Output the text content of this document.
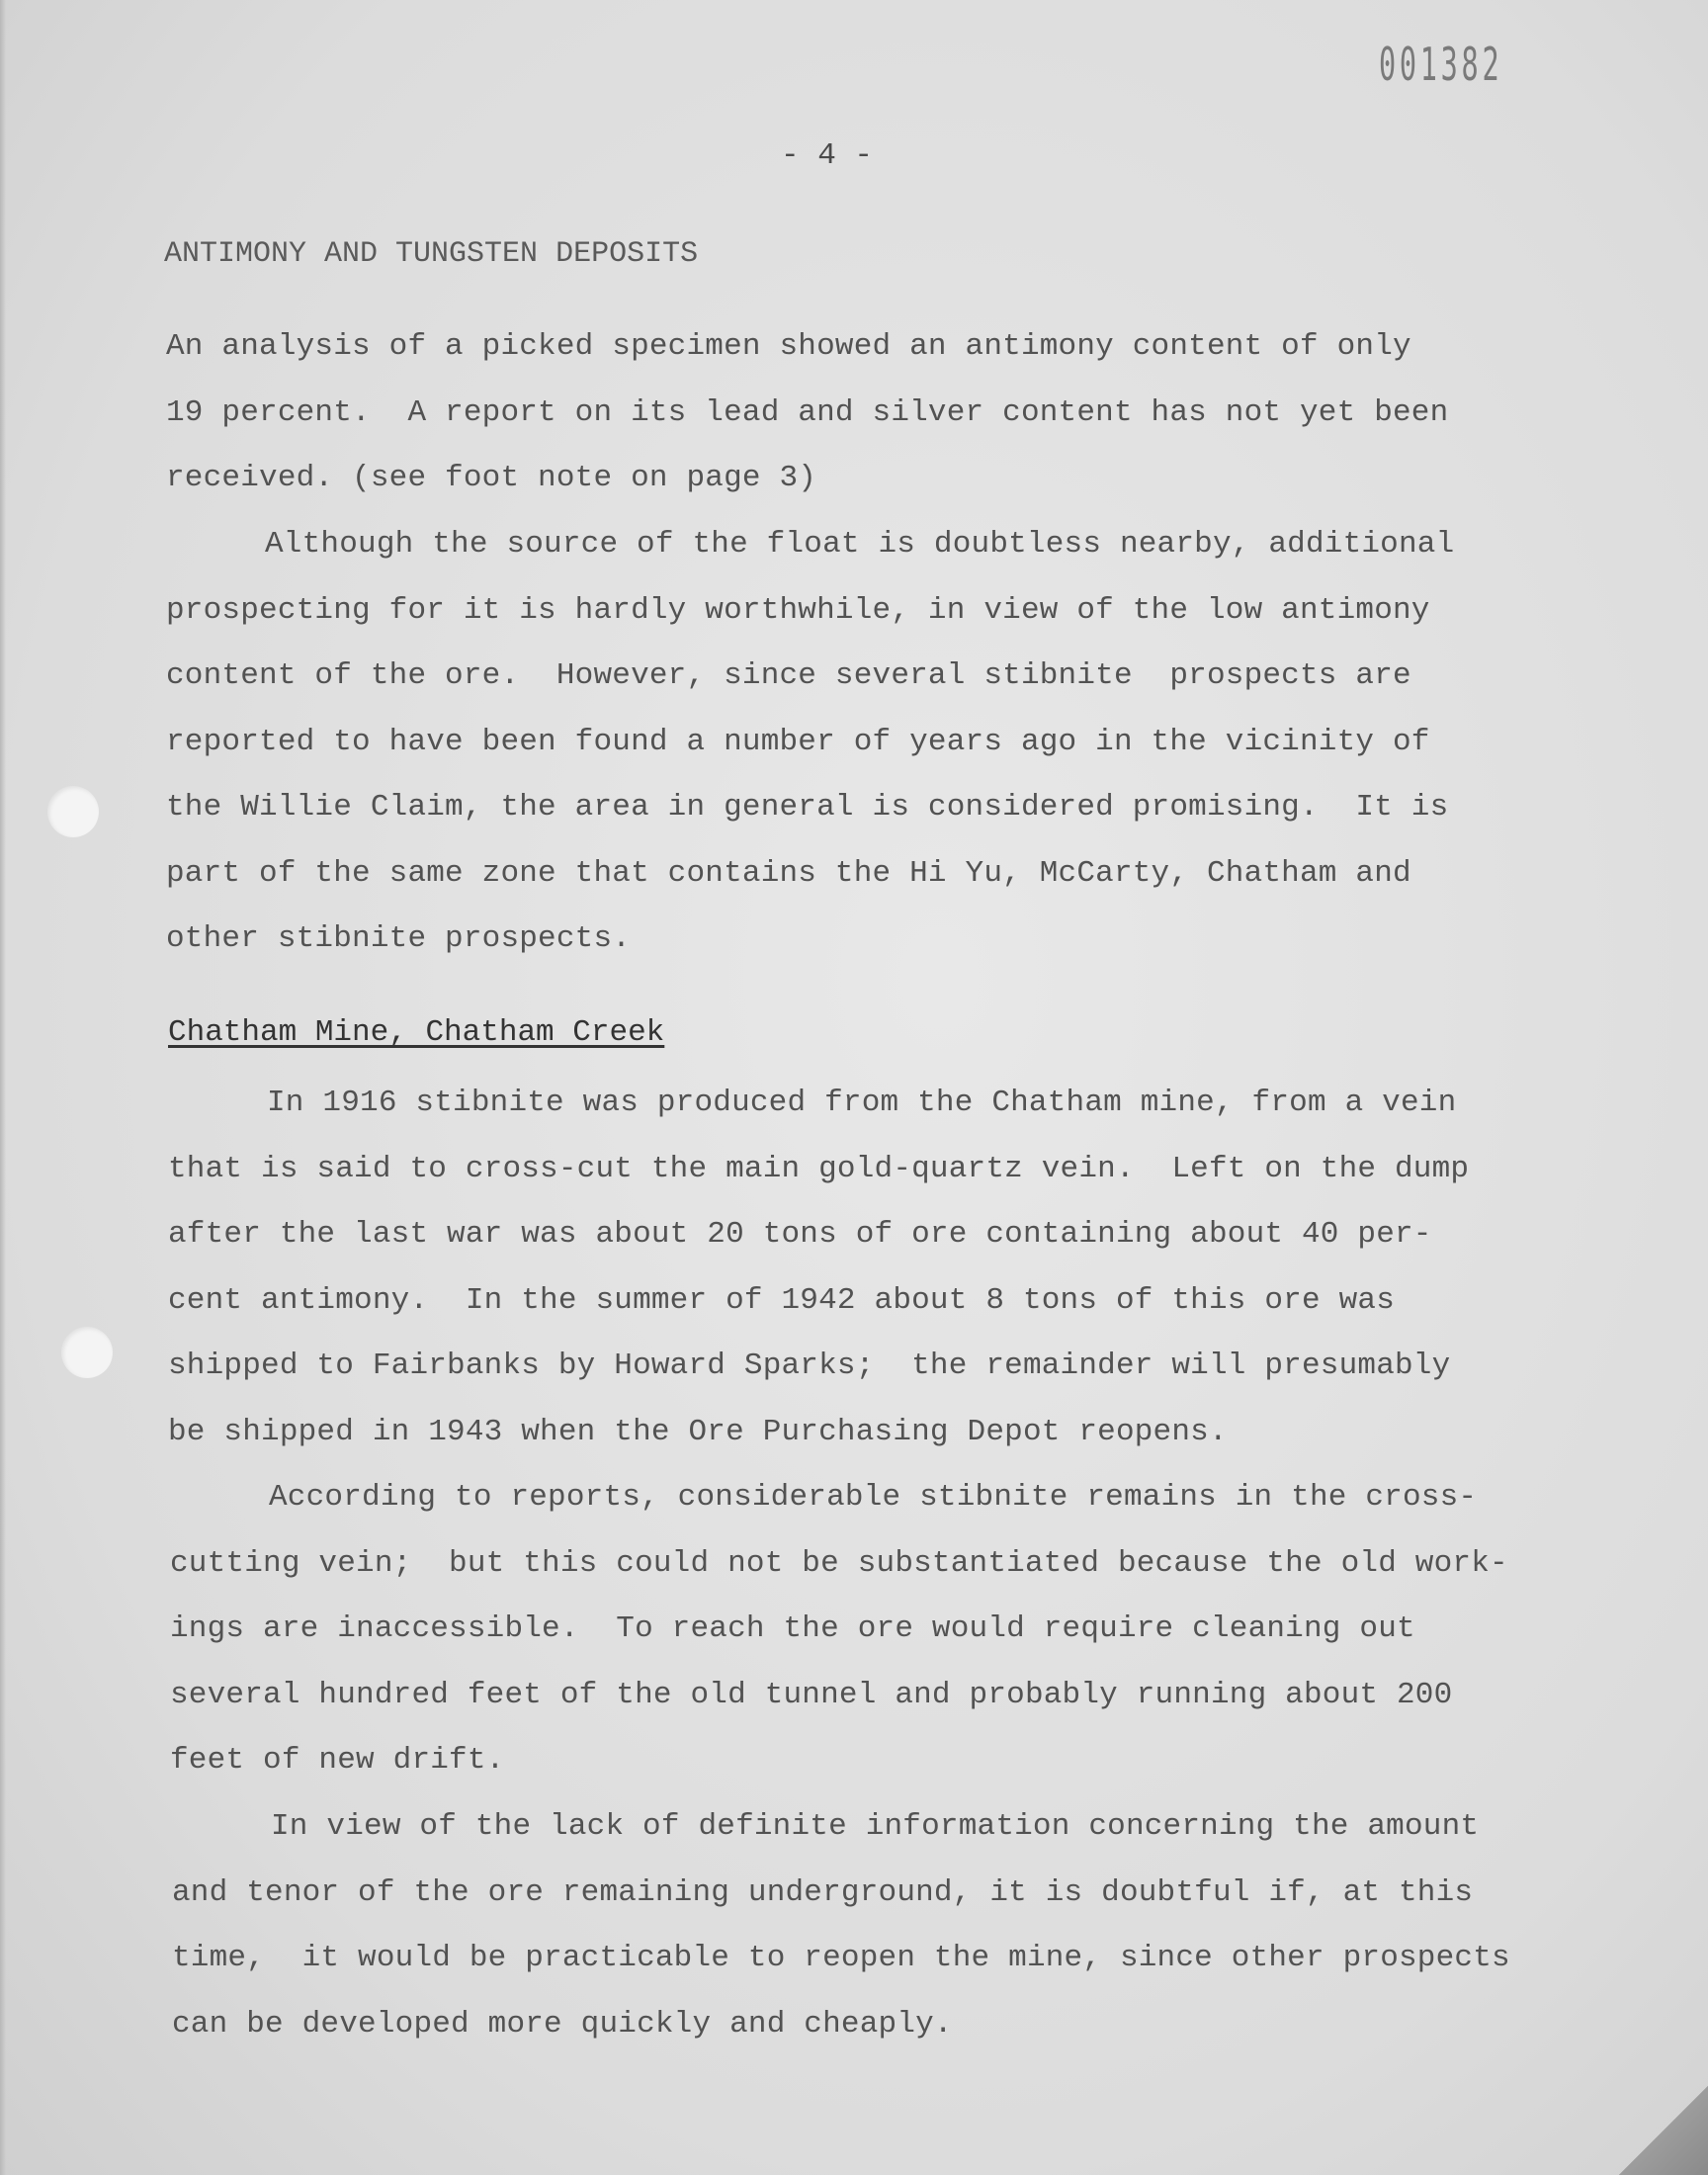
001382
- 4 -
ANTIMONY AND TUNGSTEN DEPOSITS
An analysis of a picked specimen showed an antimony content of only
19 percent.  A report on its lead and silver content has not yet been
received. (see foot note on page 3)
Although the source of the float is doubtless nearby, additional
prospecting for it is hardly worthwhile, in view of the low antimony
content of the ore.  However, since several stibnite  prospects are
reported to have been found a number of years ago in the vicinity of
the Willie Claim, the area in general is considered promising.  It is
part of the same zone that contains the Hi Yu, McCarty, Chatham and
other stibnite prospects.
Chatham Mine, Chatham Creek
In 1916 stibnite was produced from the Chatham mine, from a vein
that is said to cross-cut the main gold-quartz vein.  Left on the dump
after the last war was about 20 tons of ore containing about 40 per-
cent antimony.  In the summer of 1942 about 8 tons of this ore was
shipped to Fairbanks by Howard Sparks;  the remainder will presumably
be shipped in 1943 when the Ore Purchasing Depot reopens.
According to reports, considerable stibnite remains in the cross-
cutting vein;  but this could not be substantiated because the old work-
ings are inaccessible.  To reach the ore would require cleaning out
several hundred feet of the old tunnel and probably running about 200
feet of new drift.
In view of the lack of definite information concerning the amount
and tenor of the ore remaining underground, it is doubtful if, at this
time,  it would be practicable to reopen the mine, since other prospects
can be developed more quickly and cheaply.
